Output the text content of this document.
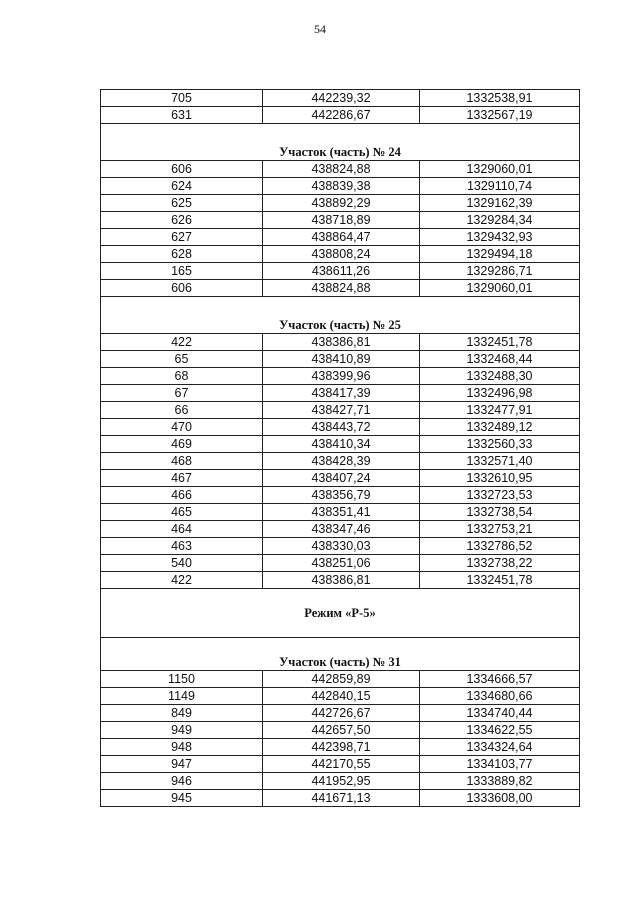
54
705	442239,32	1332538,91
631	442286,67	1332567,19
Участок (часть) № 24		
606	438824,88	1329060,01
624	438839,38	1329110,74
625	438892,29	1329162,39
626	438718,89	1329284,34
627	438864,47	1329432,93
628	438808,24	1329494,18
165	438611,26	1329286,71
606	438824,88	1329060,01
Участок (часть) № 25		
422	438386,81	1332451,78
65	438410,89	1332468,44
68	438399,96	1332488,30
67	438417,39	1332496,98
66	438427,71	1332477,91
470	438443,72	1332489,12
469	438410,34	1332560,33
468	438428,39	1332571,40
467	438407,24	1332610,95
466	438356,79	1332723,53
465	438351,41	1332738,54
464	438347,46	1332753,21
463	438330,03	1332786,52
540	438251,06	1332738,22
422	438386,81	1332451,78
Режим «Р-5»		
Участок (часть) № 31		
1150	442859,89	1334666,57
1149	442840,15	1334680,66
849	442726,67	1334740,44
949	442657,50	1334622,55
948	442398,71	1334324,64
947	442170,55	1334103,77
946	441952,95	1333889,82
945	441671,13	1333608,00
